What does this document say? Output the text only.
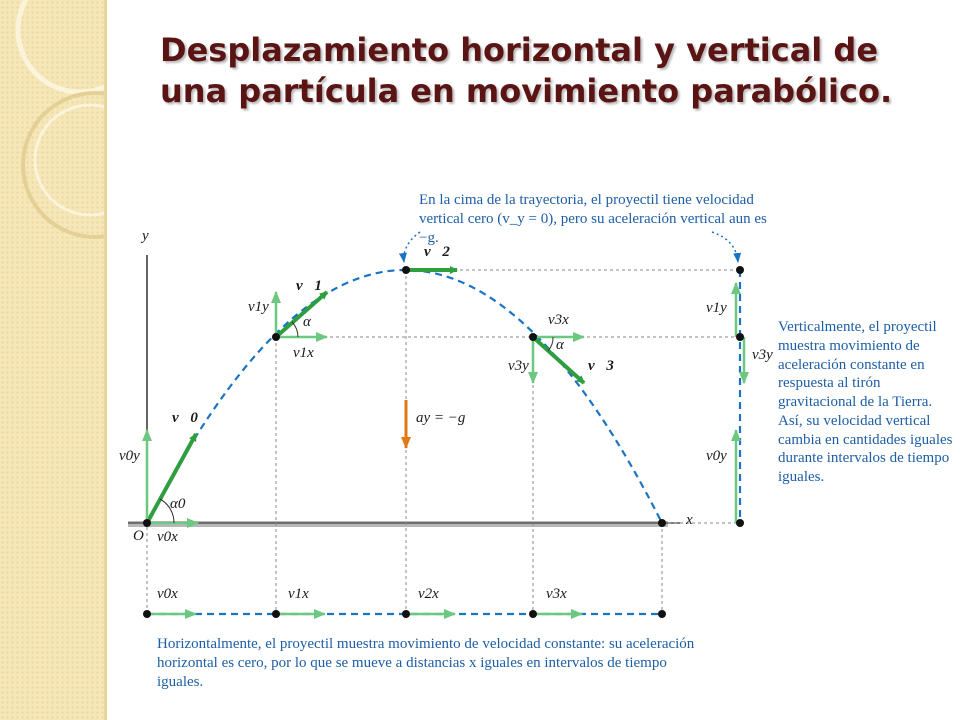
Desplazamiento horizontal y vertical de una partícula en movimiento parabólico.
y
x
O
v⃗0
v⃗1
v⃗2
v⃗3
v0y
v0x
v1y
v1x
v3x
v3y
α0
α
α
ay = −g
v1y
v3y
v0y
v0x	v1x	v2x	v3x
En la cima de la trayectoria, el proyectil tiene velocidad
vertical cero (v_y = 0), pero su aceleración vertical aun es −g.

Verticalmente, el proyectil muestra movimiento de aceleración constante en respuesta al tirón gravitacional de la Tierra. Así, su velocidad vertical cambia en cantidades iguales durante intervalos de tiempo iguales.

Horizontalmente, el proyectil muestra movimiento de velocidad constante: su aceleración horizontal es cero, por lo que se mueve a distancias x iguales en intervalos de tiempo iguales.
